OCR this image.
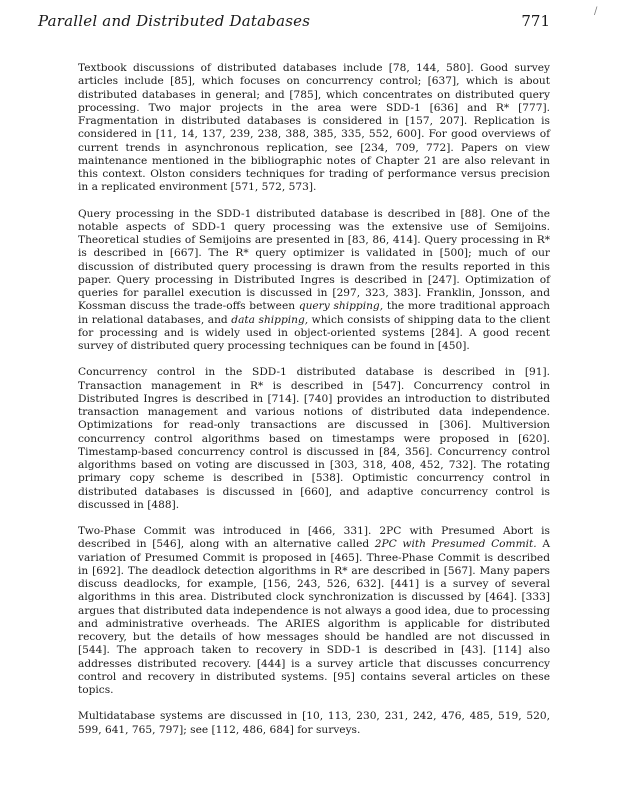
Parallel and Distributed Databases	771
/

Textbook discussions of distributed databases include [78, 144, 580]. Good survey articles include [85], which focuses on concurrency control; [637], which is about distributed databases in general; and [785], which concentrates on distributed query processing. Two major projects in the area were SDD-1 [636] and R* [777]. Fragmentation in distributed databases is considered in [157, 207]. Replication is considered in [11, 14, 137, 239, 238, 388, 385, 335, 552, 600]. For good overviews of current trends in asynchronous replication, see [234, 709, 772]. Papers on view maintenance mentioned in the bibliographic notes of Chapter 21 are also relevant in this context. Olston considers techniques for trading of performance versus precision in a replicated environment [571, 572, 573].

Query processing in the SDD-1 distributed database is described in [88]. One of the notable aspects of SDD-1 query processing was the extensive use of Semijoins. Theoretical studies of Semijoins are presented in [83, 86, 414]. Query processing in R* is described in [667]. The R* query optimizer is validated in [500]; much of our discussion of distributed query processing is drawn from the results reported in this paper. Query processing in Distributed Ingres is described in [247]. Optimization of queries for parallel execution is discussed in [297, 323, 383]. Franklin, Jonsson, and Kossman discuss the trade-offs between query shipping, the more traditional approach in relational databases, and data shipping, which consists of shipping data to the client for processing and is widely used in object-oriented systems [284]. A good recent survey of distributed query processing techniques can be found in [450].

Concurrency control in the SDD-1 distributed database is described in [91]. Transaction management in R* is described in [547]. Concurrency control in Distributed Ingres is described in [714]. [740] provides an introduction to distributed transaction management and various notions of distributed data independence. Optimizations for read-only transactions are discussed in [306]. Multiversion concurrency control algorithms based on timestamps were proposed in [620]. Timestamp-based concurrency control is discussed in [84, 356]. Concurrency control algorithms based on voting are discussed in [303, 318, 408, 452, 732]. The rotating primary copy scheme is described in [538]. Optimistic concurrency control in distributed databases is discussed in [660], and adaptive concurrency control is discussed in [488].

Two-Phase Commit was introduced in [466, 331]. 2PC with Presumed Abort is described in [546], along with an alternative called 2PC with Presumed Commit. A variation of Presumed Commit is proposed in [465]. Three-Phase Commit is described in [692]. The deadlock detection algorithms in R* are described in [567]. Many papers discuss deadlocks, for example, [156, 243, 526, 632]. [441] is a survey of several algorithms in this area. Distributed clock synchronization is discussed by [464]. [333] argues that distributed data independence is not always a good idea, due to processing and administrative overheads. The ARIES algorithm is applicable for distributed recovery, but the details of how messages should be handled are not discussed in [544]. The approach taken to recovery in SDD-1 is described in [43]. [114] also addresses distributed recovery. [444] is a survey article that discusses concurrency control and recovery in distributed systems. [95] contains several articles on these topics.

Multidatabase systems are discussed in [10, 113, 230, 231, 242, 476, 485, 519, 520, 599, 641, 765, 797]; see [112, 486, 684] for surveys.
